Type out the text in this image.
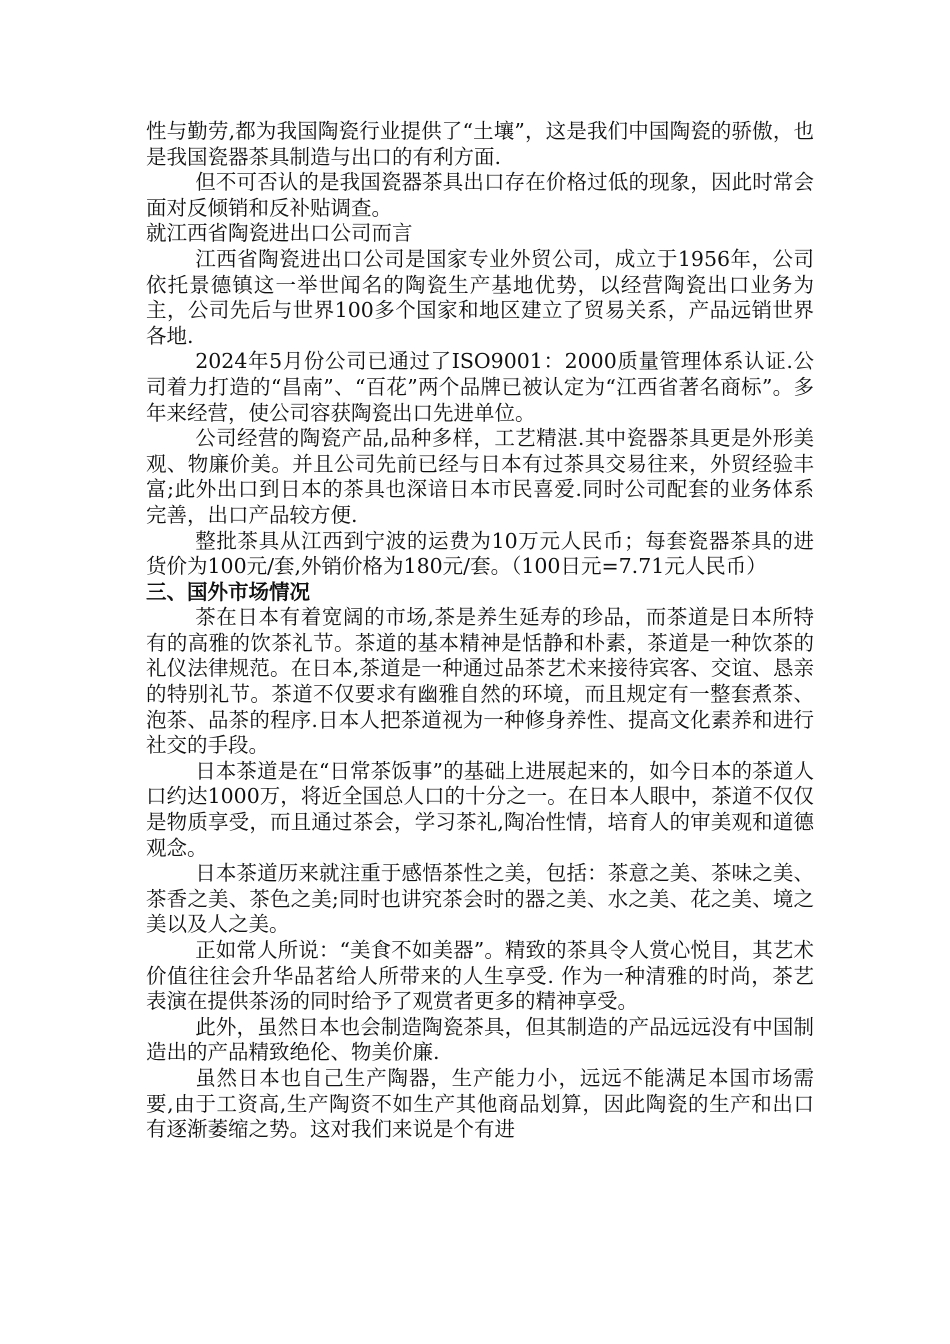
性与勤劳,都为我国陶瓷行业提供了“土壤”，这是我们中国陶瓷的骄傲，也是我国瓷器茶具制造与出口的有利方面.

但不可否认的是我国瓷器茶具出口存在价格过低的现象，因此时常会面对反倾销和反补贴调查。

就江西省陶瓷进出口公司而言

江西省陶瓷进出口公司是国家专业外贸公司，成立于1956年，公司依托景德镇这一举世闻名的陶瓷生产基地优势，以经营陶瓷出口业务为主，公司先后与世界100多个国家和地区建立了贸易关系，产品远销世界各地.

2024年5月份公司已通过了ISO9001：2000质量管理体系认证.公司着力打造的“昌南”、“百花”两个品牌已被认定为“江西省著名商标”。多年来经营，使公司容获陶瓷出口先进单位。

公司经营的陶瓷产品,品种多样，工艺精湛.其中瓷器茶具更是外形美观、物廉价美。并且公司先前已经与日本有过茶具交易往来，外贸经验丰富;此外出口到日本的茶具也深谙日本市民喜爱.同时公司配套的业务体系完善，出口产品较方便.

整批茶具从江西到宁波的运费为10万元人民币；每套瓷器茶具的进货价为100元/套,外销价格为180元/套。（100日元=7.71元人民币）

三、国外市场情况

茶在日本有着宽阔的市场,茶是养生延寿的珍品，而茶道是日本所特有的高雅的饮茶礼节。茶道的基本精神是恬静和朴素，茶道是一种饮茶的礼仪法律规范。在日本,茶道是一种通过品茶艺术来接待宾客、交谊、恳亲的特别礼节。茶道不仅要求有幽雅自然的环境，而且规定有一整套煮茶、泡茶、品茶的程序.日本人把茶道视为一种修身养性、提高文化素养和进行社交的手段。

日本茶道是在“日常茶饭事”的基础上进展起来的，如今日本的茶道人口约达1000万，将近全国总人口的十分之一。在日本人眼中，茶道不仅仅是物质享受，而且通过茶会，学习茶礼,陶冶性情，培育人的审美观和道德观念。

日本茶道历来就注重于感悟茶性之美，包括：茶意之美、茶味之美、茶香之美、茶色之美;同时也讲究茶会时的器之美、水之美、花之美、境之美以及人之美。

正如常人所说：“美食不如美器”。精致的茶具令人赏心悦目，其艺术价值往往会升华品茗给人所带来的人生享受. 作为一种清雅的时尚，茶艺表演在提供茶汤的同时给予了观赏者更多的精神享受。

此外，虽然日本也会制造陶瓷茶具，但其制造的产品远远没有中国制造出的产品精致绝伦、物美价廉.

虽然日本也自己生产陶器，生产能力小，远远不能满足本国市场需要,由于工资高,生产陶资不如生产其他商品划算，因此陶瓷的生产和出口有逐渐萎缩之势。这对我们来说是个有进
